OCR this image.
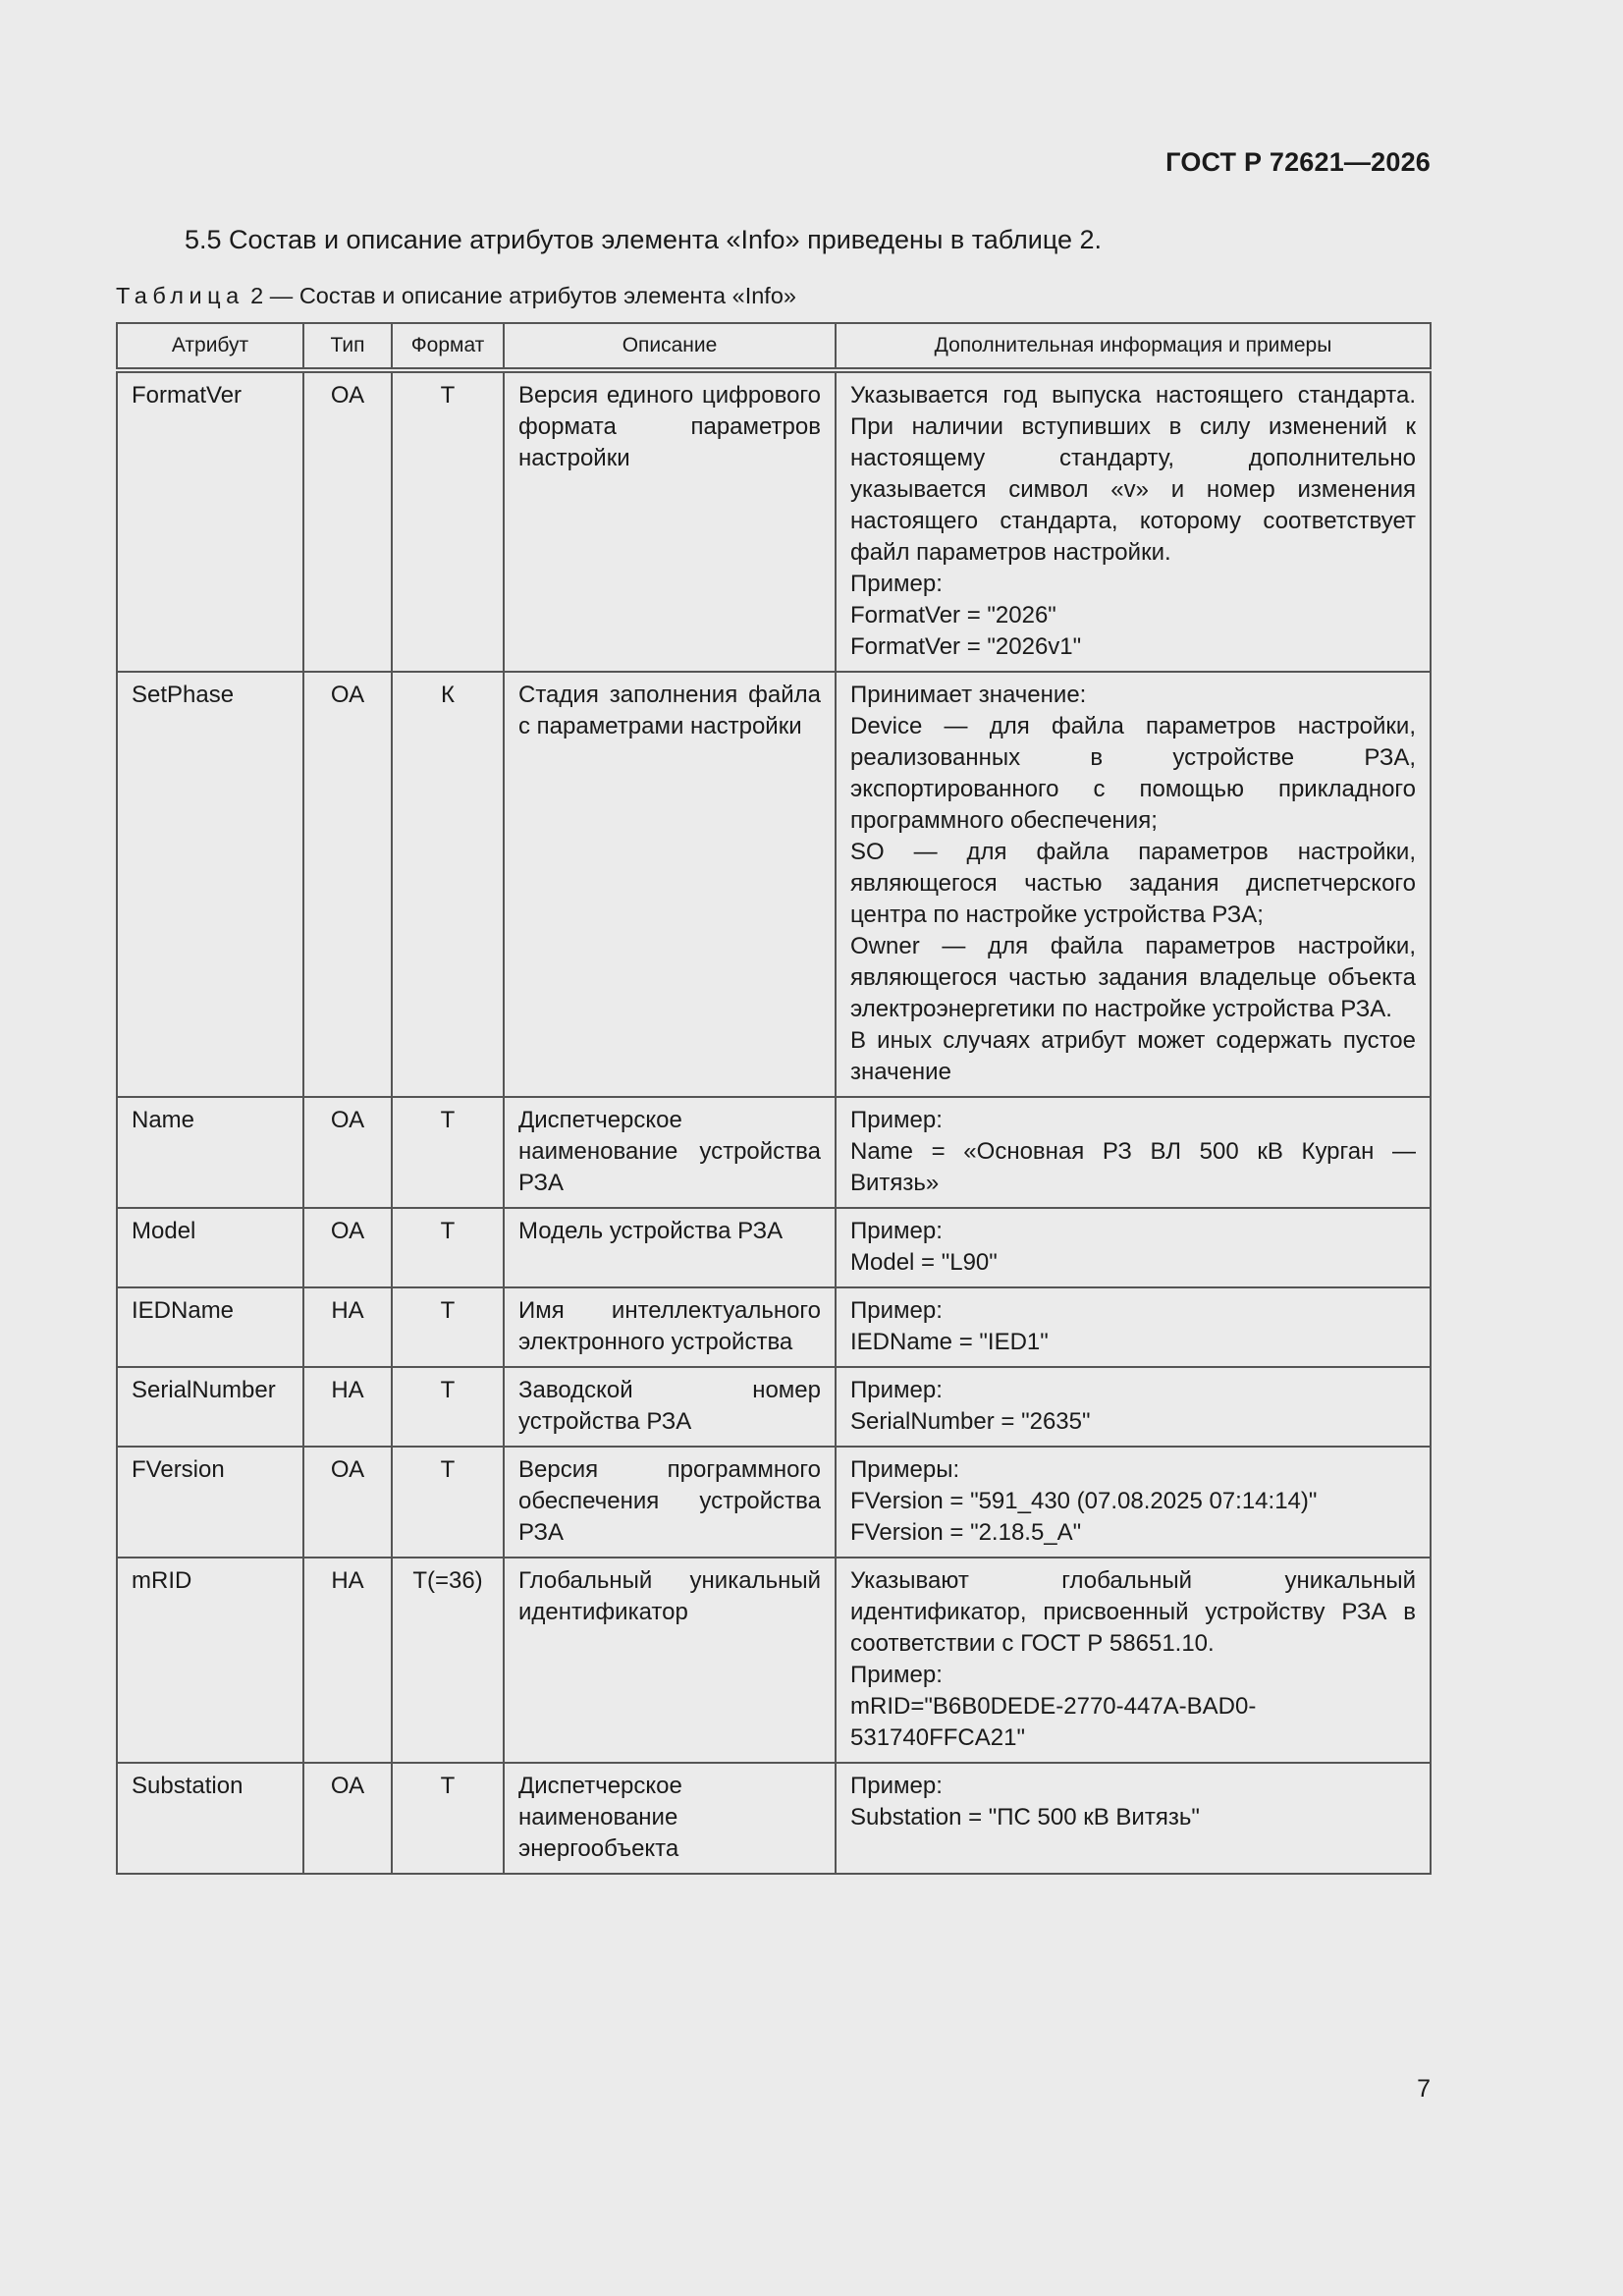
ГОСТ Р 72621—2026

5.5 Состав и описание атрибутов элемента «Info» приведены в таблице 2.

Таблица 2 — Состав и описание атрибутов элемента «Info»

Атрибут	Тип	Формат	Описание	Дополнительная информация и примеры
FormatVer	ОА	Т	Версия единого цифрового формата параметров настройки	Указывается год выпуска настоящего стандарта. При наличии вступивших в силу изменений к настоящему стандарту, дополнительно указывается символ «v» и номер изменения настоящего стандарта, которому соответствует файл параметров настройки.
Пример:
FormatVer = "2026"
FormatVer = "2026v1"

SetPhase	ОА	К	Стадия заполнения файла с параметрами настройки	Принимает значение:
Device — для файла параметров настройки, реализованных в устройстве РЗА, экспортированного с помощью прикладного программного обеспечения;
SO — для файла параметров настройки, являющегося частью задания диспетчерского центра по настройке устройства РЗА;
Owner — для файла параметров настройки, являющегося частью задания владельце объекта электроэнергетики по настройке устройства РЗА.
В иных случаях атрибут может содержать пустое значение

Name	ОА	Т	Диспетчерское наименование устройства РЗА	Пример:
Name = «Основная РЗ ВЛ 500 кВ Курган — Витязь»

Model	ОА	Т	Модель устройства РЗА	Пример:
Model = "L90"

IEDName	НА	Т	Имя интеллектуального электронного устройства	Пример:
IEDName = "IED1"

SerialNumber	НА	Т	Заводской номер устройства РЗА	Пример:
SerialNumber = "2635"

FVersion	ОА	Т	Версия программного обеспечения устройства РЗА	Примеры:
FVersion = "591_430 (07.08.2025 07:14:14)"
FVersion = "2.18.5_A"

mRID	НА	Т(=36)	Глобальный уникальный идентификатор	Указывают глобальный уникальный идентификатор, присвоенный устройству РЗА в соответствии с ГОСТ Р 58651.10.
Пример:
mRID="B6B0DEDE-2770-447A-BAD0-531740FFCA21"

Substation	ОА	Т	Диспетчерское наименование энергообъекта	Пример:
Substation = "ПС 500 кВ Витязь"

7
